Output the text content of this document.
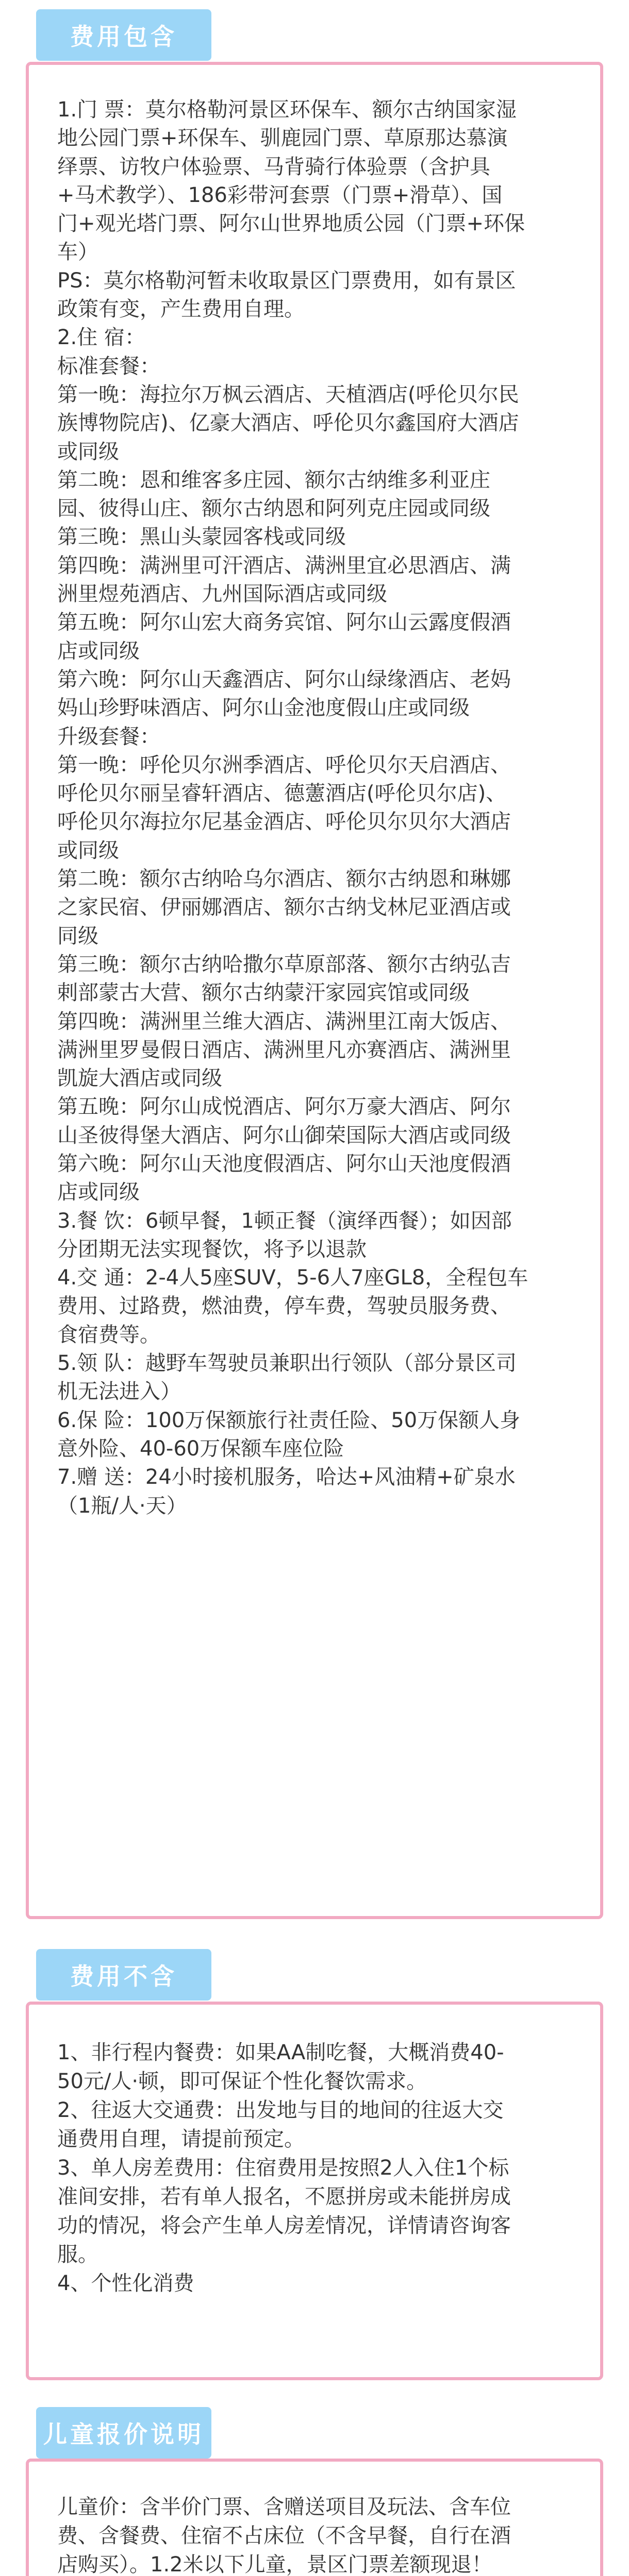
费用包含
1.门 票：莫尔格勒河景区环保车、额尔古纳国家湿
地公园门票+环保车、驯鹿园门票、草原那达慕演
绎票、访牧户体验票、马背骑行体验票（含护具
+马术教学）、186彩带河套票（门票+滑草）、国
门+观光塔门票、阿尔山世界地质公园（门票+环保
车）
PS：莫尔格勒河暂未收取景区门票费用，如有景区
政策有变，产生费用自理。
2.住 宿：
标准套餐：
第一晚：海拉尔万枫云酒店、天植酒店(呼伦贝尔民
族博物院店)、亿豪大酒店、呼伦贝尔鑫国府大酒店
或同级
第二晚：恩和维客多庄园、额尔古纳维多利亚庄
园、彼得山庄、额尔古纳恩和阿列克庄园或同级
第三晚：黑山头蒙园客栈或同级
第四晚：满洲里可汗酒店、满洲里宜必思酒店、满
洲里煜苑酒店、九州国际酒店或同级
第五晚：阿尔山宏大商务宾馆、阿尔山云露度假酒
店或同级
第六晚：阿尔山天鑫酒店、阿尔山绿缘酒店、老妈
妈山珍野味酒店、阿尔山金池度假山庄或同级
升级套餐：
第一晚：呼伦贝尔洲季酒店、呼伦贝尔天启酒店、
呼伦贝尔丽呈睿轩酒店、德藼酒店(呼伦贝尔店)、
呼伦贝尔海拉尔尼基金酒店、呼伦贝尔贝尔大酒店
或同级
第二晚：额尔古纳哈乌尔酒店、额尔古纳恩和琳娜
之家民宿、伊丽娜酒店、额尔古纳戈林尼亚酒店或
同级
第三晚：额尔古纳哈撒尔草原部落、额尔古纳弘吉
剌部蒙古大营、额尔古纳蒙汗家园宾馆或同级
第四晚：满洲里兰维大酒店、满洲里江南大饭店、
满洲里罗曼假日酒店、满洲里凡亦赛酒店、满洲里
凯旋大酒店或同级
第五晚：阿尔山成悦酒店、阿尔万豪大酒店、阿尔
山圣彼得堡大酒店、阿尔山御荣国际大酒店或同级
第六晚：阿尔山天池度假酒店、阿尔山天池度假酒
店或同级
3.餐 饮：6顿早餐，1顿正餐（演绎西餐）；如因部
分团期无法实现餐饮，将予以退款
4.交 通：2-4人5座SUV，5-6人7座GL8，全程包车
费用、过路费，燃油费，停车费，驾驶员服务费、
食宿费等。
5.领 队：越野车驾驶员兼职出行领队（部分景区司
机无法进入）
6.保 险：100万保额旅行社责任险、50万保额人身
意外险、40-60万保额车座位险
7.赠 送：24小时接机服务，哈达+风油精+矿泉水
（1瓶/人·天）
费用不含
1、非行程内餐费：如果AA制吃餐，大概消费40-
50元/人·顿，即可保证个性化餐饮需求。
2、往返大交通费：出发地与目的地间的往返大交
通费用自理，请提前预定。
3、单人房差费用：住宿费用是按照2人入住1个标
准间安排，若有单人报名，不愿拼房或未能拼房成
功的情况，将会产生单人房差情况，详情请咨询客
服。
4、个性化消费
儿童报价说明
儿童价：含半价门票、含赠送项目及玩法、含车位
费、含餐费、住宿不占床位（不含早餐，自行在酒
店购买）。1.2米以下儿童，景区门票差额现退！
